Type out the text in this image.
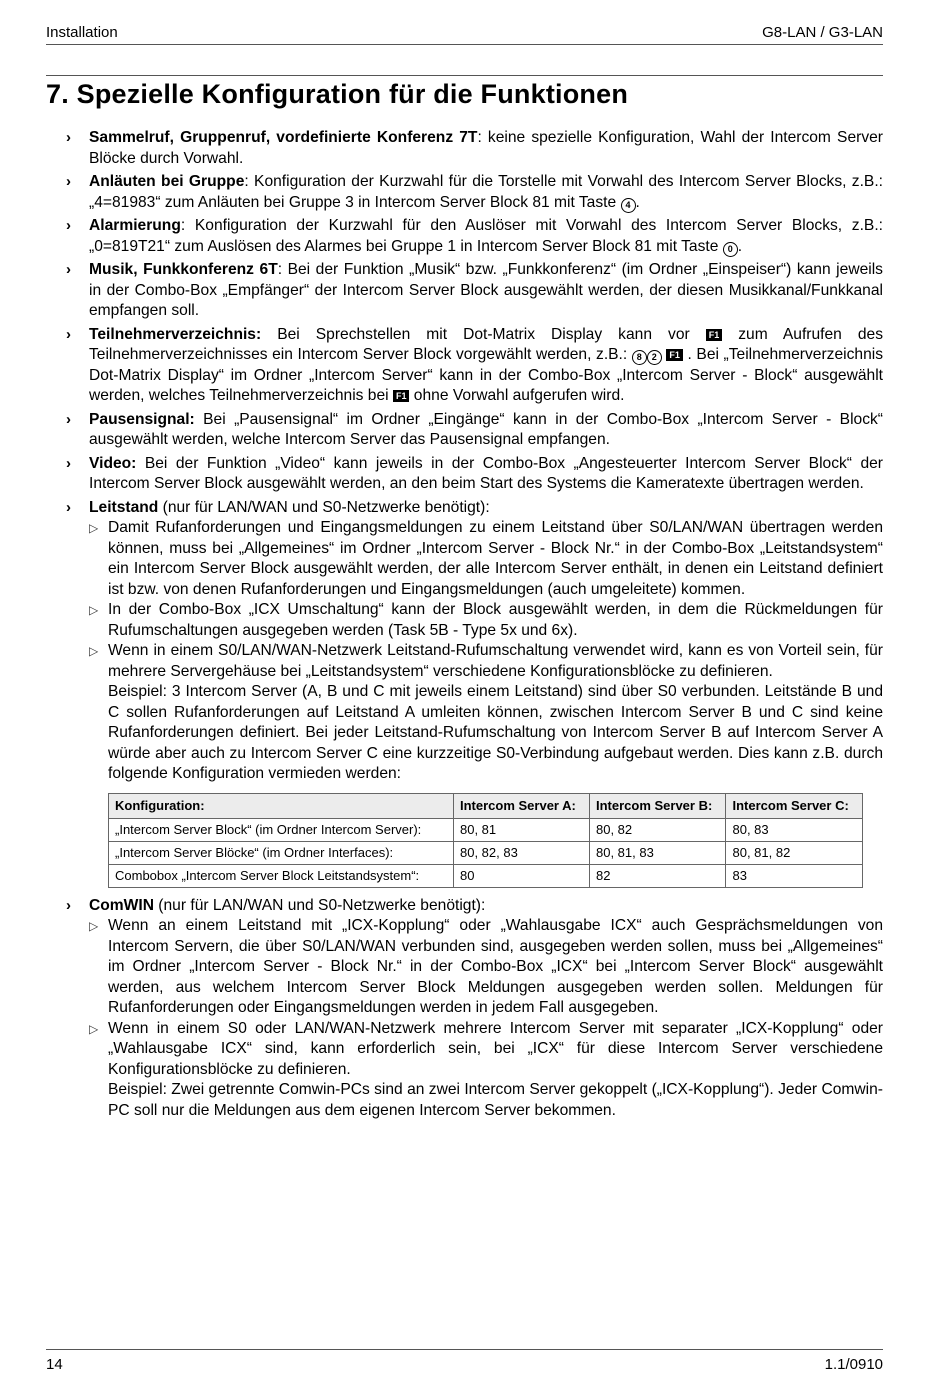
Installation	G8-LAN / G3-LAN
7. Spezielle Konfiguration für die Funktionen
› Sammelruf, Gruppenruf, vordefinierte Konferenz 7T: keine spezielle Konfiguration, Wahl der Intercom Server Blöcke durch Vorwahl.
› Anläuten bei Gruppe: Konfiguration der Kurzwahl für die Torstelle mit Vorwahl des Intercom Server Blocks, z.B.: „4=81983“ zum Anläuten bei Gruppe 3 in Intercom Server Block 81 mit Taste 4 .
› Alarmierung: Konfiguration der Kurzwahl für den Auslöser mit Vorwahl des Intercom Server Blocks, z.B.: „0=819T21“ zum Auslösen des Alarmes bei Gruppe 1 in Intercom Server Block 81 mit Taste 0 .
› Musik, Funkkonferenz 6T: Bei der Funktion „Musik“ bzw. „Funkkonferenz“ (im Ordner „Einspeiser“) kann jeweils in der Combo-Box „Empfänger“ der Intercom Server Block ausgewählt werden, der diesen Musikkanal/Funkkanal empfangen soll.
› Teilnehmerverzeichnis: Bei Sprechstellen mit Dot-Matrix Display kann vor F1 zum Aufrufen des Teilnehmerverzeichnisses ein Intercom Server Block vorgewählt werden, z.B.: 8 2 F1 . Bei „Teilnehmerverzeichnis Dot-Matrix Display“ im Ordner „Intercom Server“ kann in der Combo-Box „Intercom Server - Block“ ausgewählt werden, welches Teilnehmerverzeichnis bei F1 ohne Vorwahl aufgerufen wird.
› Pausensignal: Bei „Pausensignal“ im Ordner „Eingänge“ kann in der Combo-Box „Intercom Server - Block“ ausgewählt werden, welche Intercom Server das Pausensignal empfangen.
› Video: Bei der Funktion „Video“ kann jeweils in der Combo-Box „Angesteuerter Intercom Server Block“ der Intercom Server Block ausgewählt werden, an den beim Start des Systems die Kameratexte übertragen werden.
› Leitstand (nur für LAN/WAN und S0-Netzwerke benötigt):
▷ Damit Rufanforderungen und Eingangsmeldungen zu einem Leitstand über S0/LAN/WAN übertragen werden können, muss bei „Allgemeines“ im Ordner „Intercom Server - Block Nr.“ in der Combo-Box „Leitstandsystem“ ein Intercom Server Block ausgewählt werden, der alle Intercom Server enthält, in denen ein Leitstand definiert ist bzw. von denen Rufanforderungen und Eingangsmeldungen (auch umgeleitete) kommen.
▷ In der Combo-Box „ICX Umschaltung“ kann der Block ausgewählt werden, in dem die Rückmeldungen für Rufumschaltungen ausgegeben werden (Task 5B - Type 5x und 6x).
▷ Wenn in einem S0/LAN/WAN-Netzwerk Leitstand-Rufumschaltung verwendet wird, kann es von Vorteil sein, für mehrere Servergehäuse bei „Leitstandsystem“ verschiedene Konfigurationsblöcke zu definieren.
Beispiel: 3 Intercom Server (A, B und C mit jeweils einem Leitstand) sind über S0 verbunden. Leitstände B und C sollen Rufanforderungen auf Leitstand A umleiten können, zwischen Intercom Server B und C sind keine Rufanforderungen definiert. Bei jeder Leitstand-Rufumschaltung von Intercom Server B auf Intercom Server A würde aber auch zu Intercom Server C eine kurzzeitige S0-Verbindung aufgebaut werden. Dies kann z.B. durch folgende Konfiguration vermieden werden:
Konfiguration:	Intercom Server A:	Intercom Server B:	Intercom Server C:
„Intercom Server Block“ (im Ordner Intercom Server):	80, 81	80, 82	80, 83
„Intercom Server Blöcke“ (im Ordner Interfaces):	80, 82, 83	80, 81, 83	80, 81, 82
Combobox „Intercom Server Block Leitstandsystem“:	80	82	83
› ComWIN (nur für LAN/WAN und S0-Netzwerke benötigt):
▷ Wenn an einem Leitstand mit „ICX-Kopplung“ oder „Wahlausgabe ICX“ auch Gesprächsmeldungen von Intercom Servern, die über S0/LAN/WAN verbunden sind, ausgegeben werden sollen, muss bei „Allgemeines“ im Ordner „Intercom Server - Block Nr.“ in der Combo-Box „ICX“ bei „Intercom Server Block“ ausgewählt werden, aus welchem Intercom Server Block Meldungen ausgegeben werden sollen. Meldungen für Rufanforderungen oder Eingangsmeldungen werden in jedem Fall ausgegeben.
▷ Wenn in einem S0 oder LAN/WAN-Netzwerk mehrere Intercom Server mit separater „ICX-Kopplung“ oder „Wahlausgabe ICX“ sind, kann erforderlich sein, bei „ICX“ für diese Intercom Server verschiedene Konfigurationsblöcke zu definieren.
Beispiel: Zwei getrennte Comwin-PCs sind an zwei Intercom Server gekoppelt („ICX-Kopplung“). Jeder Comwin-PC soll nur die Meldungen aus dem eigenen Intercom Server bekommen.
14	1.1/0910
